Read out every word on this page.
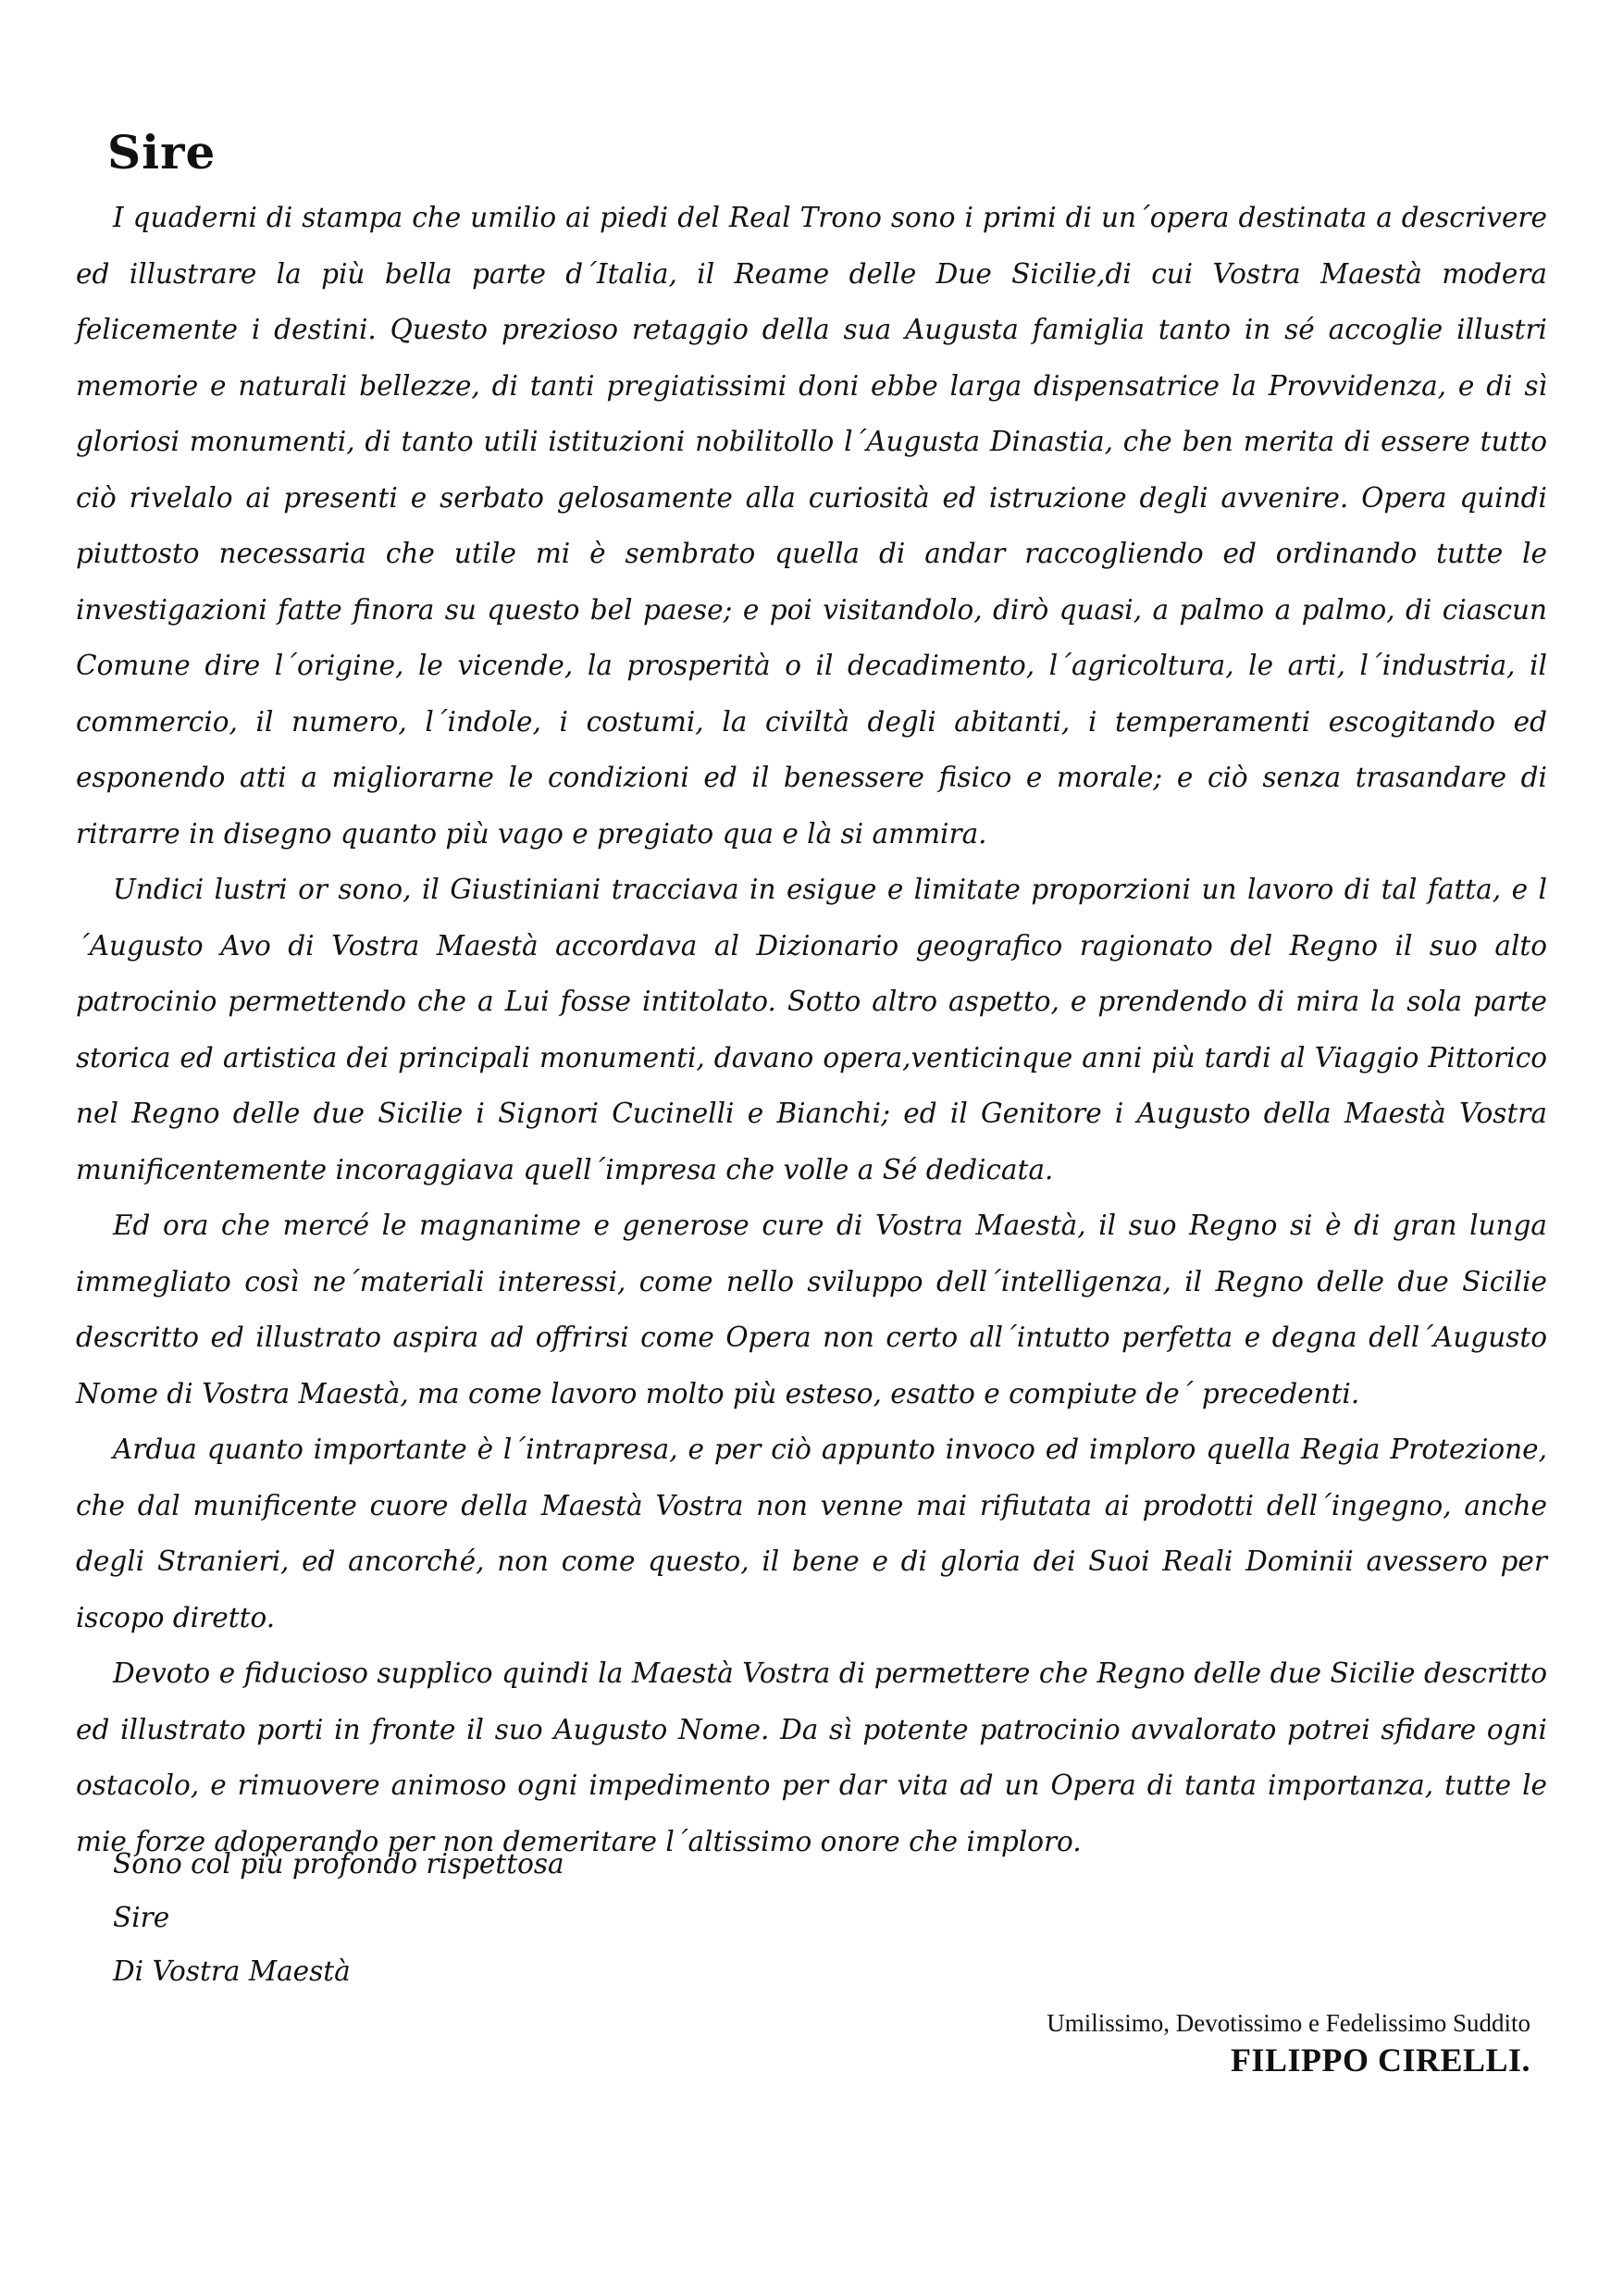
Sire

I quaderni di stampa che umilio ai piedi del Real Trono sono i primi di un´opera destinata a descrivere ed illustrare la più bella parte d´Italia, il Reame delle Due Sicilie,di cui Vostra Maestà modera felicemente i destini. Questo prezioso retaggio della sua Augusta famiglia tanto in sé accoglie illustri memorie e naturali bellezze, di tanti pregiatissimi doni ebbe larga dispensatrice la Provvidenza, e di sì gloriosi monumenti, di tanto utili istituzioni nobilitollo l´Augusta Dinastia, che ben merita di essere tutto ciò rivelalo ai presenti e serbato gelosamente alla curiosità ed istruzione degli avvenire. Opera quindi piuttosto necessaria che utile mi è sembrato quella di andar raccogliendo ed ordinando tutte le investigazioni fatte finora su questo bel paese; e poi visitandolo, dirò quasi, a palmo a palmo, di ciascun Comune dire l´origine, le vicende, la prosperità o il decadimento, l´agricoltura, le arti, l´industria, il commercio, il numero, l´indole, i costumi, la civiltà degli abitanti, i temperamenti escogitando ed esponendo atti a migliorarne le condizioni ed il benessere fisico e morale; e ciò senza trasandare di ritrarre in disegno quanto più vago e pregiato qua e là si ammira.

Undici lustri or sono, il Giustiniani tracciava in esigue e limitate proporzioni un lavoro di tal fatta, e l´Augusto Avo di Vostra Maestà accordava al Dizionario geografico ragionato del Regno il suo alto patrocinio permettendo che a Lui fosse intitolato. Sotto altro aspetto, e prendendo di mira la sola parte storica ed artistica dei principali monumenti, davano opera,venticinque anni più tardi al Viaggio Pittorico nel Regno delle due Sicilie i Signori Cucinelli e Bianchi; ed il Genitore i Augusto della Maestà Vostra munificentemente incoraggiava quell´impresa che volle a Sé dedicata.

Ed ora che mercé le magnanime e generose cure di Vostra Maestà, il suo Regno si è di gran lunga immegliato così ne´materiali interessi, come nello sviluppo dell´intelligenza, il Regno delle due Sicilie descritto ed illustrato aspira ad offrirsi come Opera non certo all´intutto perfetta e degna dell´Augusto Nome di Vostra Maestà, ma come lavoro molto più esteso, esatto e compiute de´ precedenti.

Ardua quanto importante è l´intrapresa, e per ciò appunto invoco ed imploro quella Regia Protezione, che dal munificente cuore della Maestà Vostra non venne mai rifiutata ai prodotti dell´ingegno, anche degli Stranieri, ed ancorché, non come questo, il bene e di gloria dei Suoi Reali Dominii avessero per iscopo diretto.

Devoto e fiducioso supplico quindi la Maestà Vostra di permettere che Regno delle due Sicilie descritto ed illustrato porti in fronte il suo Augusto Nome. Da sì potente patrocinio avvalorato potrei sfidare ogni ostacolo, e rimuovere animoso ogni impedimento per dar vita ad un Opera di tanta importanza, tutte le mie forze adoperando per non demeritare l´altissimo onore che imploro.

Sono col più profondo rispettosa
Sire
Di Vostra Maestà
Umilissimo, Devotissimo e Fedelissimo Suddito
FILIPPO CIRELLI.
